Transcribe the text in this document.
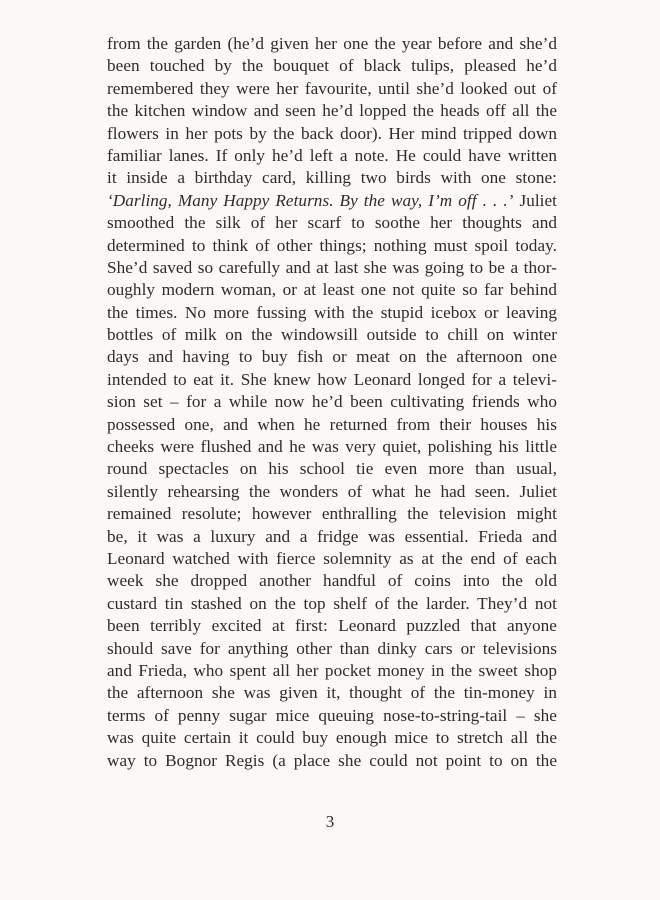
from the garden (he’d given her one the year before and she’d
been touched by the bouquet of black tulips, pleased he’d
remembered they were her favourite, until she’d looked out of
the kitchen window and seen he’d lopped the heads off all the
flowers in her pots by the back door). Her mind tripped down
familiar lanes. If only he’d left a note. He could have written
it inside a birthday card, killing two birds with one stone:
‘Darling, Many Happy Returns. By the way, I’m off . . .’ Juliet
smoothed the silk of her scarf to soothe her thoughts and
determined to think of other things; nothing must spoil today.
She’d saved so carefully and at last she was going to be a thor-
oughly modern woman, or at least one not quite so far behind
the times. No more fussing with the stupid icebox or leaving
bottles of milk on the windowsill outside to chill on winter
days and having to buy fish or meat on the afternoon one
intended to eat it. She knew how Leonard longed for a televi-
sion set – for a while now he’d been cultivating friends who
possessed one, and when he returned from their houses his
cheeks were flushed and he was very quiet, polishing his little
round spectacles on his school tie even more than usual,
silently rehearsing the wonders of what he had seen. Juliet
remained resolute; however enthralling the television might
be, it was a luxury and a fridge was essential. Frieda and
Leonard watched with fierce solemnity as at the end of each
week she dropped another handful of coins into the old
custard tin stashed on the top shelf of the larder. They’d not
been terribly excited at first: Leonard puzzled that anyone
should save for anything other than dinky cars or televisions
and Frieda, who spent all her pocket money in the sweet shop
the afternoon she was given it, thought of the tin-money in
terms of penny sugar mice queuing nose-to-string-tail – she
was quite certain it could buy enough mice to stretch all the
way to Bognor Regis (a place she could not point to on the

3
